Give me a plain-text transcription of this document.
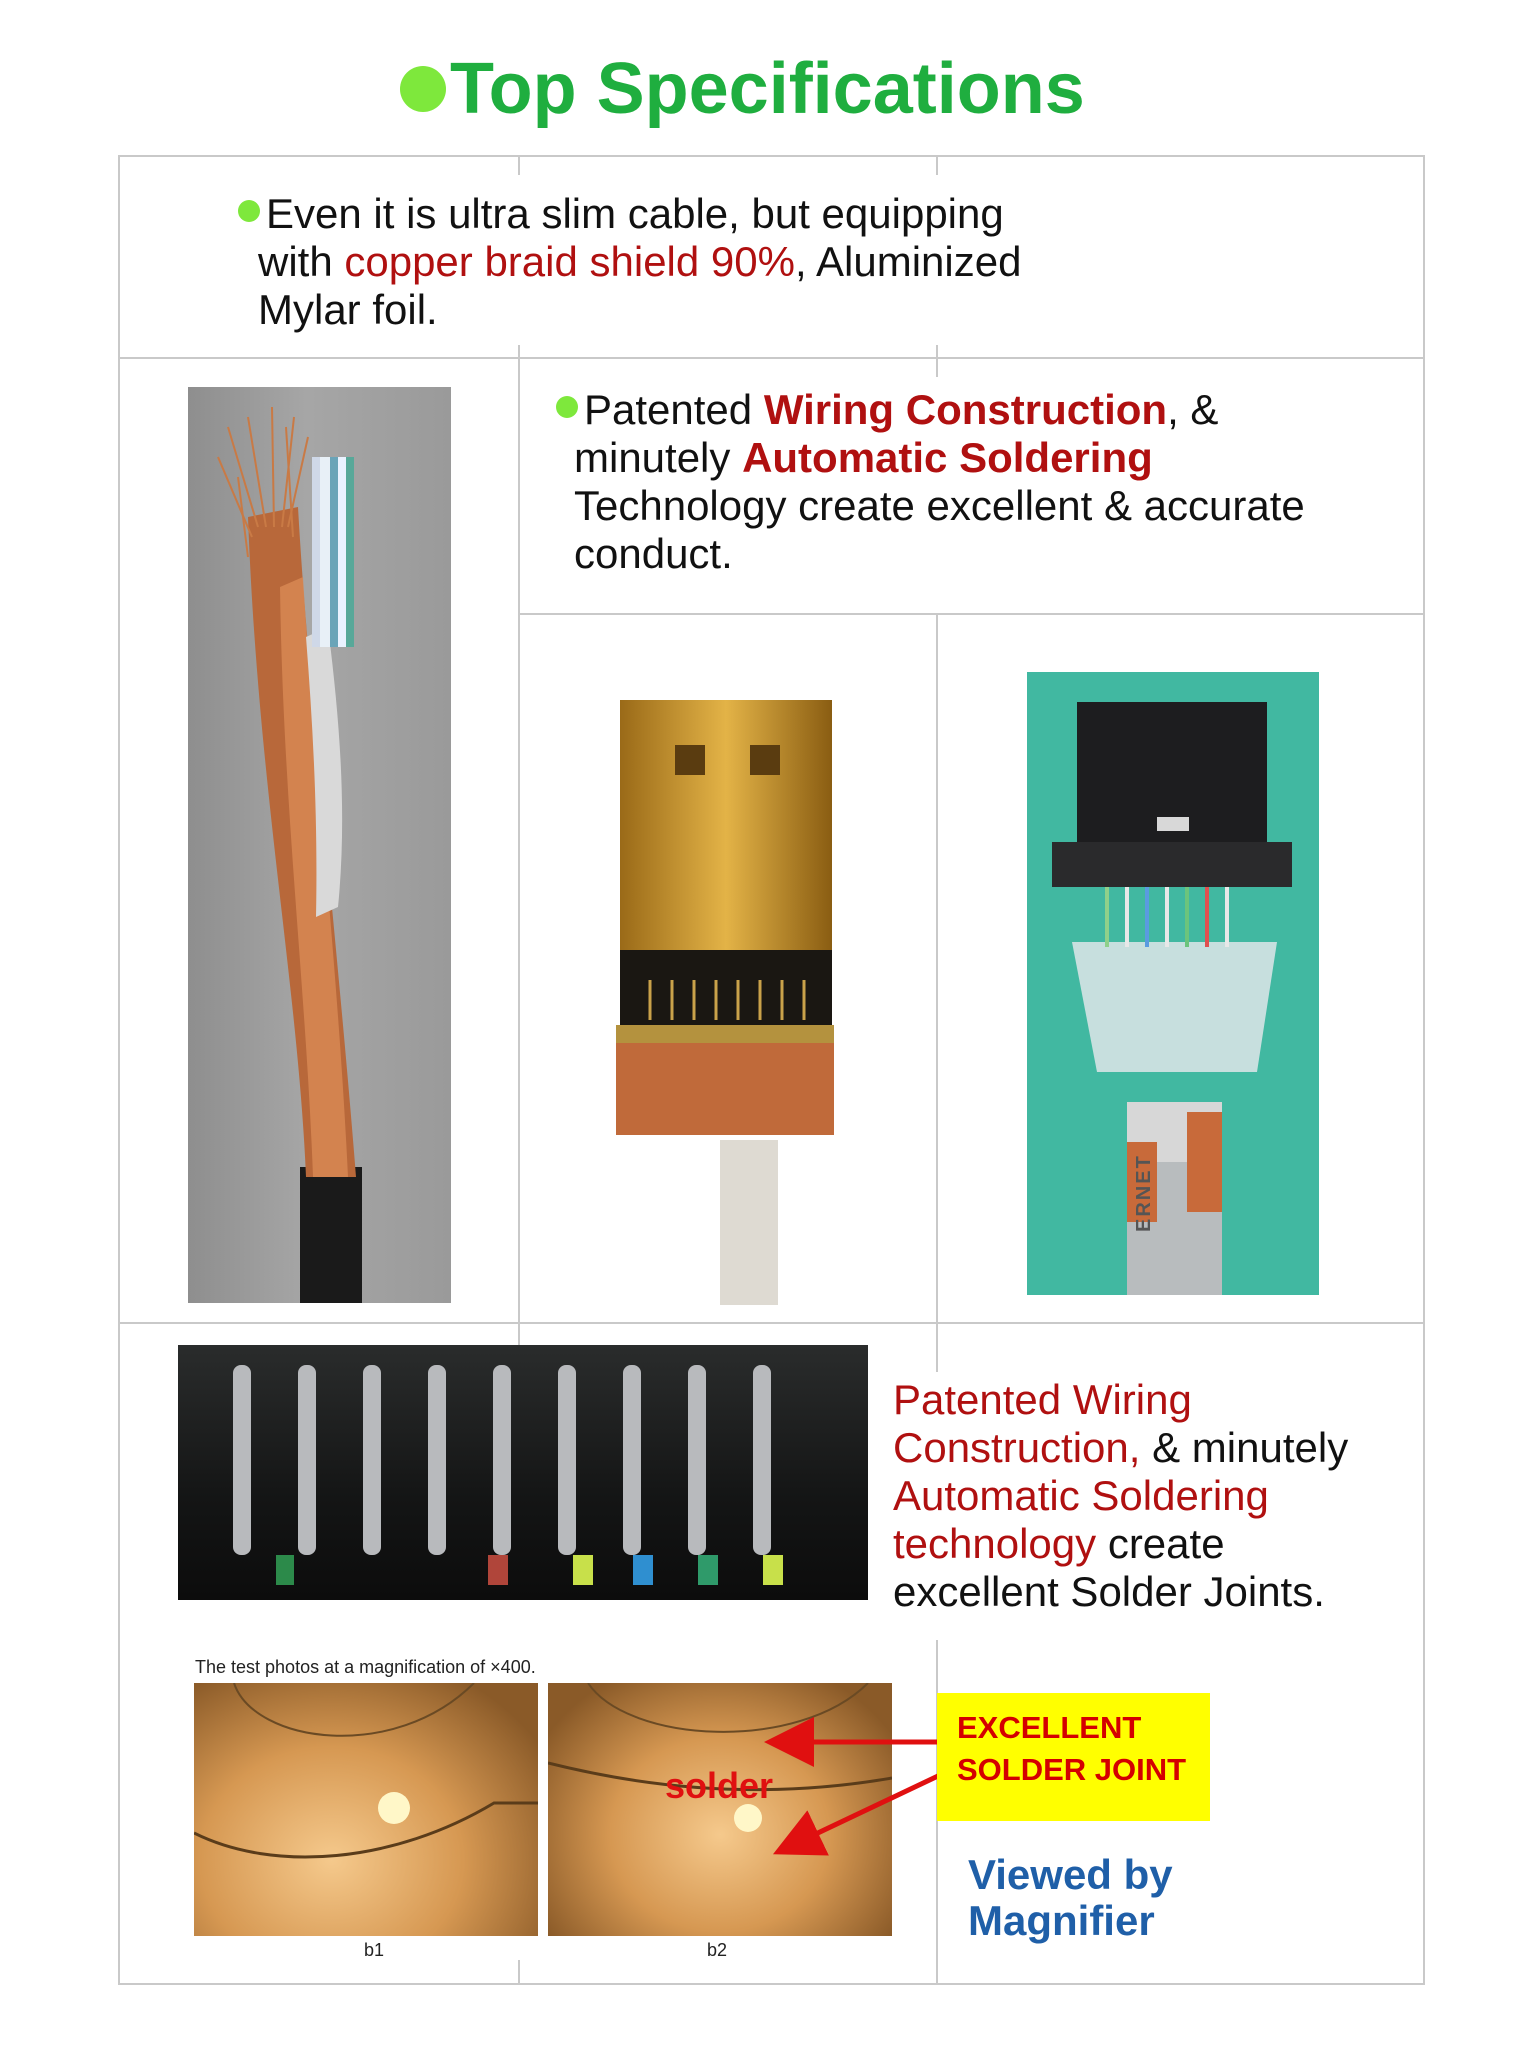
Top Specifications
Even it is ultra slim cable, but equipping
with copper braid shield 90%, Aluminized
Mylar foil.
Patented Wiring Construction, &
minutely Automatic Soldering
Technology create excellent & accurate
conduct.
ERNET
Patented Wiring
Construction, & minutely
Automatic Soldering
technology create
excellent Solder Joints.
The test photos at a magnification of ×400.
b1	b2
solder
EXCELLENT
SOLDER JOINT
Viewed by
Magnifier
